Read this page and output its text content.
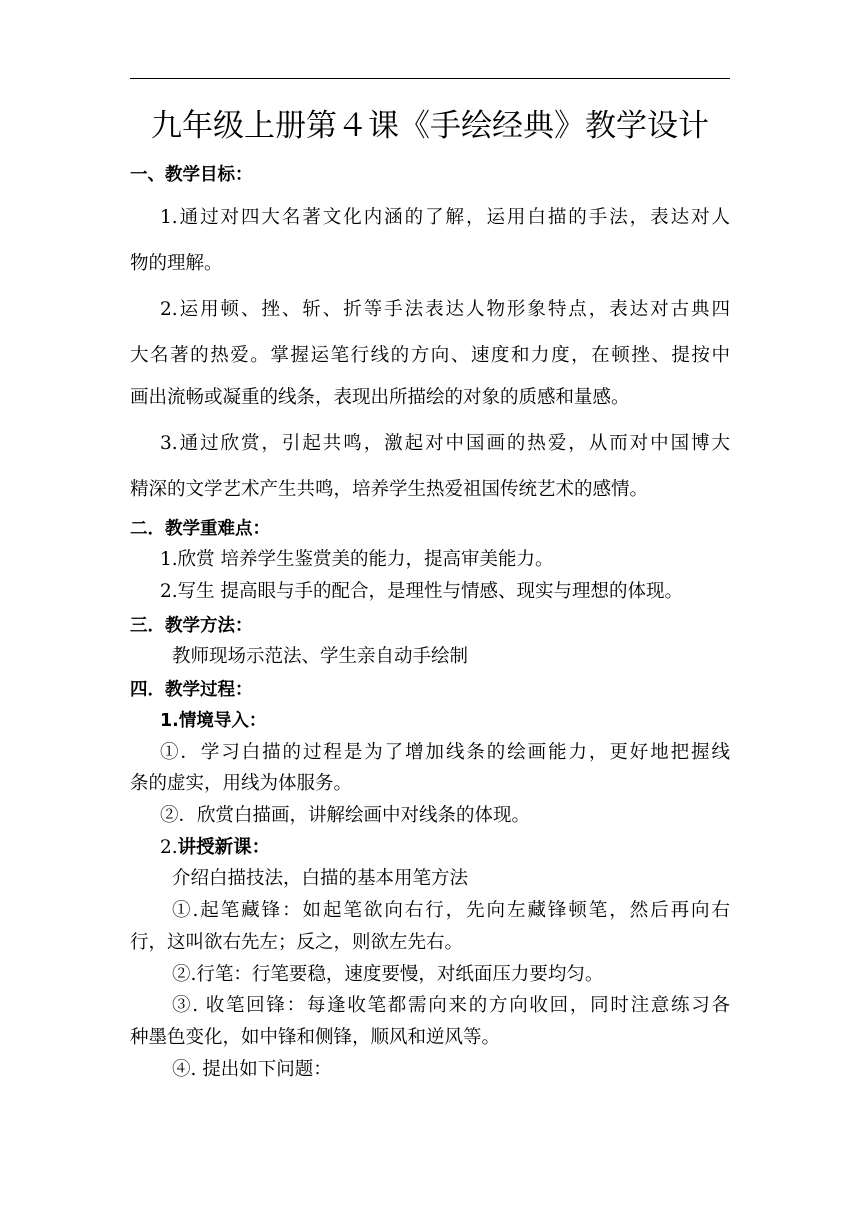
九年级上册第４课《手绘经典》教学设计
一、教学目标：
1.通过对四大名著文化内涵的了解，运用白描的手法，表达对人
物的理解。
2.运用顿、挫、斩、折等手法表达人物形象特点，表达对古典四
大名著的热爱。掌握运笔行线的方向、速度和力度，在顿挫、提按中
画出流畅或凝重的线条，表现出所描绘的对象的质感和量感。
3.通过欣赏，引起共鸣，激起对中国画的热爱，从而对中国博大
精深的文学艺术产生共鸣，培养学生热爱祖国传统艺术的感情。
二．教学重难点：
1.欣赏 培养学生鉴赏美的能力，提高审美能力。
2.写生 提高眼与手的配合，是理性与情感、现实与理想的体现。
三．教学方法：
教师现场示范法、学生亲自动手绘制
四．教学过程：
1.情境导入：
①．学习白描的过程是为了增加线条的绘画能力，更好地把握线
条的虚实，用线为体服务。
②．欣赏白描画，讲解绘画中对线条的体现。
2.讲授新课：
介绍白描技法，白描的基本用笔方法
①.起笔藏锋：如起笔欲向右行，先向左藏锋顿笔，然后再向右
行，这叫欲右先左；反之，则欲左先右。
②.行笔：行笔要稳，速度要慢，对纸面压力要均匀。
③. 收笔回锋：每逢收笔都需向来的方向收回，同时注意练习各
种墨色变化，如中锋和侧锋，顺风和逆风等。
④. 提出如下问题：
